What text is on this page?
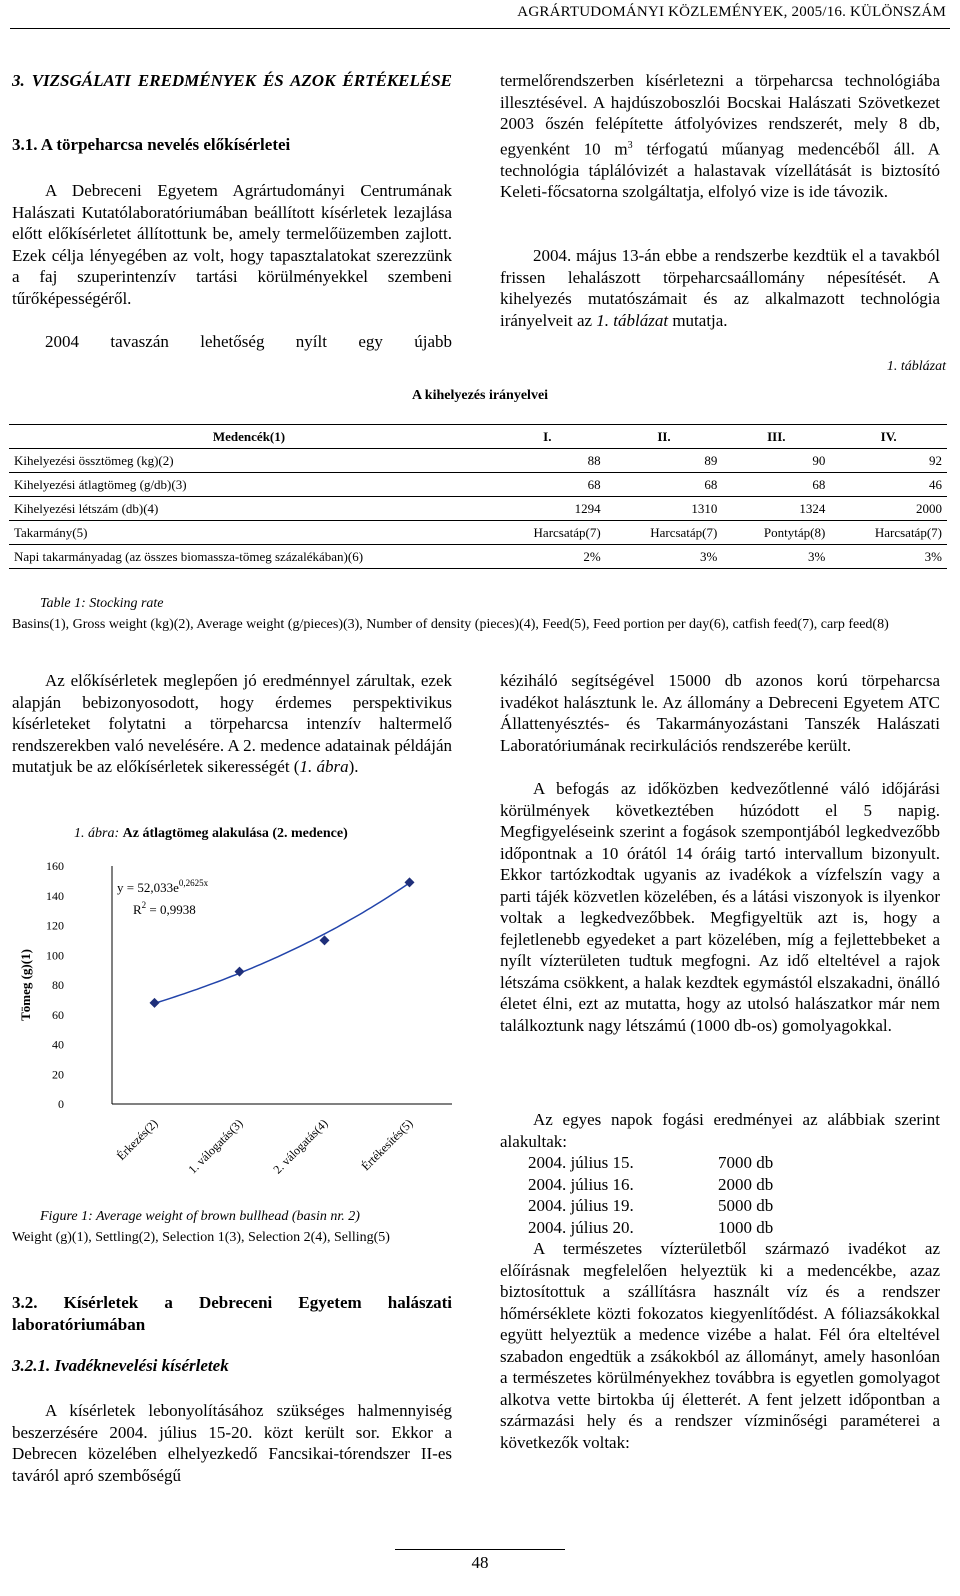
AGRÁRTUDOMÁNYI KÖZLEMÉNYEK, 2005/16. KÜLÖNSZÁM
3. VIZSGÁLATI EREDMÉNYEK ÉS AZOK ÉRTÉKELÉSE
3.1. A törpeharcsa nevelés előkísérletei

A Debreceni Egyetem Agrártudományi Centrumának Halászati Kutatólaboratóriumában beállított kísérletek lezajlása előtt előkísérletet állítottunk be, amely termelőüzemben zajlott. Ezek célja lényegében az volt, hogy tapasztalatokat szerezzünk a faj szuperintenzív tartási körülményekkel szembeni tűrőképességéről.

2004 tavaszán lehetőség nyílt egy újabb

termelőrendszerben kísérletezni a törpeharcsa technológiába illesztésével. A hajdúszoboszlói Bocskai Halászati Szövetkezet 2003 őszén felépítette átfolyóvizes rendszerét, mely 8 db, egyenként 10 $m^3$ térfogatú műanyag medencéből áll. A technológia táplálóvizét a halastavak vízellátását is biztosító Keleti-főcsatorna szolgáltatja, elfolyó vize is ide távozik.

2004. május 13-án ebbe a rendszerbe kezdtük el a tavakból frissen lehalászott törpeharcsaállomány népesítését. A kihelyezés mutatószámait és az alkalmazott technológia irányelveit az 1. táblázat mutatja.

1. táblázat
A kihelyezés irányelvei
Medencék(1)	I.	II.	III.	IV.
Kihelyezési össztömeg (kg)(2)	88	89	90	92
Kihelyezési átlagtömeg (g/db)(3)	68	68	68	46
Kihelyezési létszám (db)(4)	1294	1310	1324	2000
Takarmány(5)	Harcsatáp(7)	Harcsatáp(7)	Pontytáp(8)	Harcsatáp(7)
Napi takarmányadag (az összes biomassza-tömeg százalékában)(6)	2%	3%	3%	3%
Table 1: Stocking rate
Basins(1), Gross weight (kg)(2), Average weight (g/pieces)(3), Number of density (pieces)(4), Feed(5), Feed portion per day(6), catfish feed(7), carp feed(8)

Az előkísérletek meglepően jó eredménnyel zárultak, ezek alapján bebizonyosodott, hogy érdemes perspektivikus kísérleteket folytatni a törpeharcsa intenzív haltermelő rendszerekben való nevelésére. A 2. medence adatainak példáján mutatjuk be az előkísérletek sikerességét (1. ábra).

1. ábra: Az átlagtömeg alakulása (2. medence)
0
20
40
60
80
100
120
140
160
Érkezés(2) 1. válogatás(3) 2. válogatás(4) Értékesítés(5)
Tömeg (g)(1)
$y = 52,033e^{0,2625x}$
$R^2 = 0,9938$
Figure 1: Average weight of brown bullhead (basin nr. 2)
Weight (g)(1), Settling(2), Selection 1(3), Selection 2(4), Selling(5)
3.2. Kísérletek a Debreceni Egyetem halászati laboratóriumában
3.2.1. Ivadéknevelési kísérletek

A kísérletek lebonyolításához szükséges halmennyiség beszerzésére 2004. július 15-20. közt került sor. Ekkor a Debrecen közelében elhelyezkedő Fancsikai-tórendszer II-es taváról apró szembőségű

kéziháló segítségével 15000 db azonos korú törpeharcsa ivadékot halásztunk le. Az állomány a Debreceni Egyetem ATC Állattenyésztés- és Takarmányozástani Tanszék Halászati Laboratóriumának recirkulációs rendszerébe került.

A befogás az időközben kedvezőtlenné váló időjárási körülmények következtében húzódott el 5 napig. Megfigyeléseink szerint a fogások szempontjából legkedvezőbb időpontnak a 10 órától 14 óráig tartó intervallum bizonyult. Ekkor tartózkodtak ugyanis az ivadékok a vízfelszín vagy a parti tájék közvetlen közelében, és a látási viszonyok is ilyenkor voltak a legkedvezőbbek. Megfigyeltük azt is, hogy a fejletlenebb egyedeket a part közelében, míg a fejlettebbeket a nyílt vízterületen tudtuk megfogni. Az idő elteltével a rajok létszáma csökkent, a halak kezdtek egymástól elszakadni, önálló életet élni, ezt az mutatta, hogy az utolsó halászatkor már nem találkoztunk nagy létszámú (1000 db-os) gomolyagokkal.

Az egyes napok fogási eredményei az alábbiak szerint alakultak:

2004. július 15.	7000 db
2004. július 16.	2000 db
2004. július 19.	5000 db
2004. július 20.	1000 db

A természetes vízterületből származó ivadékot az előírásnak megfelelően helyeztük ki a medencékbe, azaz biztosítottuk a szállításra használt víz és a rendszer hőmérséklete közti fokozatos kiegyenlítődést. A fóliazsákokkal együtt helyeztük a medence vizébe a halat. Fél óra elteltével szabadon engedtük a zsákokból az állományt, amely hasonlóan a természetes körülményekhez továbbra is egyetlen gomolyagot alkotva vette birtokba új életterét. A fent jelzett időpontban a származási hely és a rendszer vízminőségi paraméterei a következők voltak:

48
